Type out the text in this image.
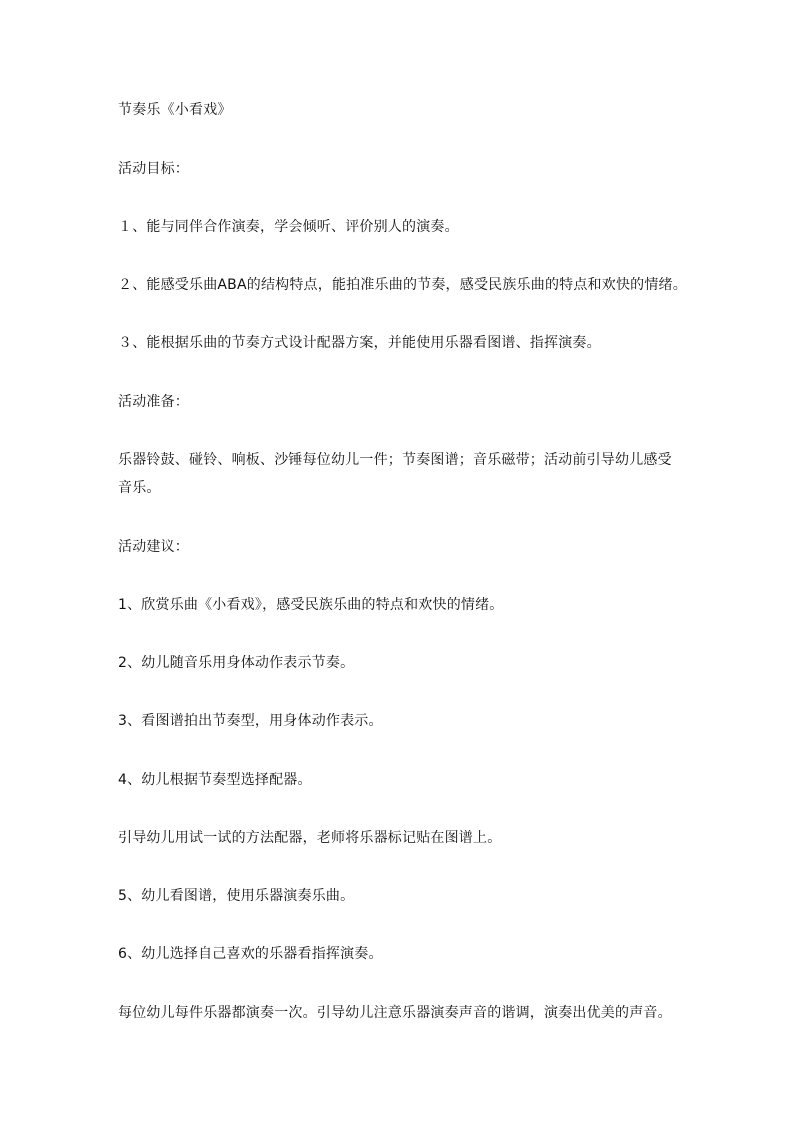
节奏乐《小看戏》
活动目标：
１、能与同伴合作演奏，学会倾听、评价别人的演奏。
２、能感受乐曲ABA的结构特点，能拍准乐曲的节奏，感受民族乐曲的特点和欢快的情绪。
３、能根据乐曲的节奏方式设计配器方案，并能使用乐器看图谱、指挥演奏。
活动准备：
乐器铃鼓、碰铃、响板、沙锤每位幼儿一件；节奏图谱；音乐磁带；活动前引导幼儿感受音乐。
活动建议：
1、欣赏乐曲《小看戏》，感受民族乐曲的特点和欢快的情绪。
2、幼儿随音乐用身体动作表示节奏。
3、看图谱拍出节奏型，用身体动作表示。
4、幼儿根据节奏型选择配器。
引导幼儿用试一试的方法配器，老师将乐器标记贴在图谱上。
5、幼儿看图谱，使用乐器演奏乐曲。
6、幼儿选择自己喜欢的乐器看指挥演奏。
每位幼儿每件乐器都演奏一次。引导幼儿注意乐器演奏声音的谐调，演奏出优美的声音。
